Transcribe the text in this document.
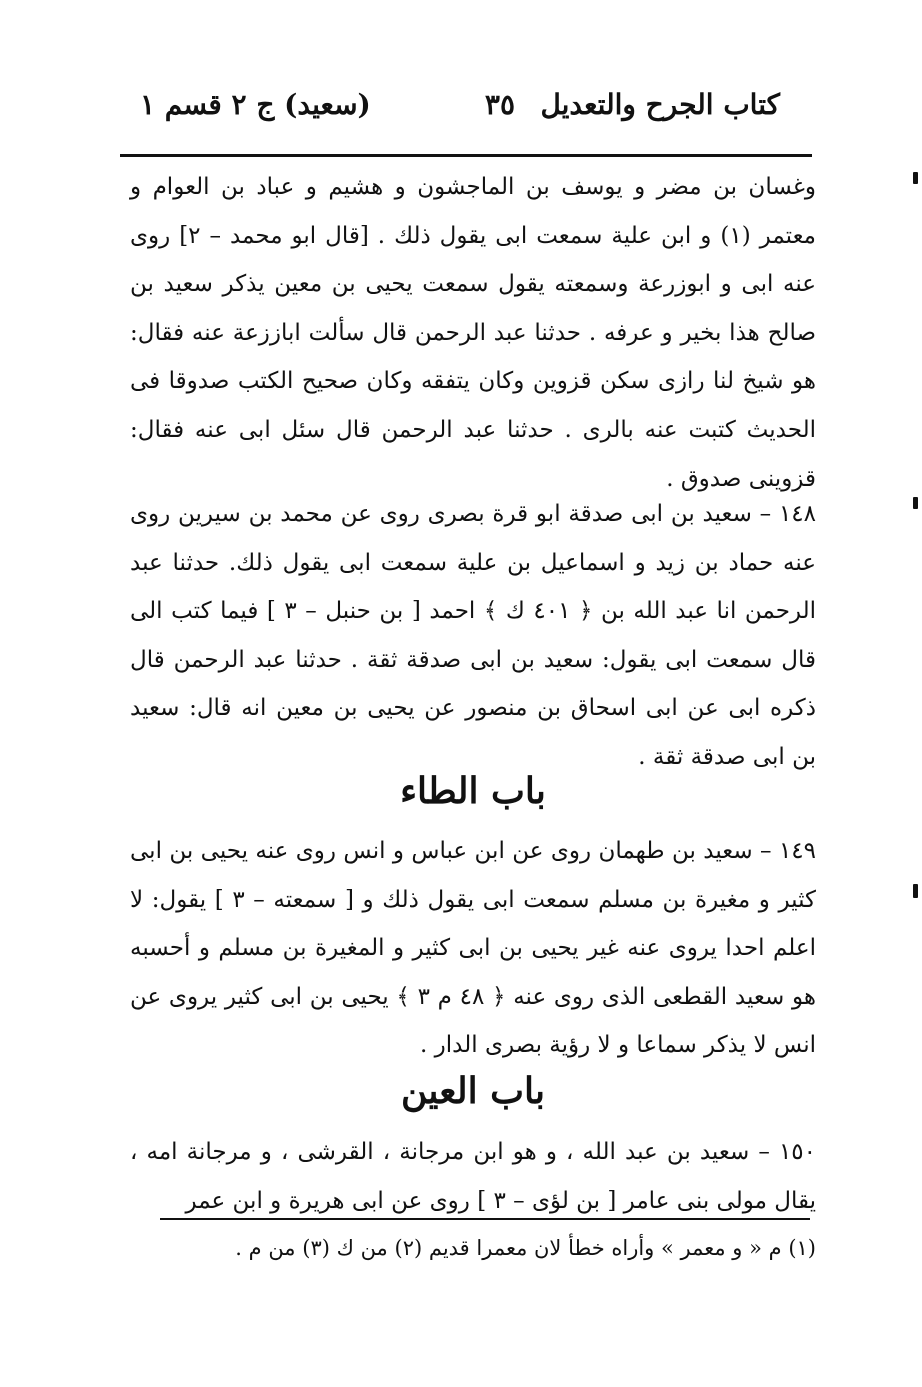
كتاب الجرح والتعديل
٣٥
(سعيد) ج ٢ قسم ١

وغسان بن مضر و يوسف بن الماجشون و هشيم و عباد بن العوام و معتمر (١) و ابن علية سمعت ابى يقول ذلك . [قال ابو محمد – ٢] روى عنه ابى و ابوزرعة وسمعته يقول سمعت يحيى بن معين يذكر سعيد بن صالح هذا بخير و عرفه . حدثنا عبد الرحمن قال سألت اباززعة عنه فقال: هو شيخ لنا رازى سكن قزوين وكان يتفقه وكان صحيح الكتب صدوقا فى الحديث كتبت عنه بالرى . حدثنا عبد الرحمن قال سئل ابى عنه فقال: قزوينى صدوق .

١٤٨ – سعيد بن ابى صدقة ابو قرة بصرى روى عن محمد بن سيرين روى عنه حماد بن زيد و اسماعيل بن علية سمعت ابى يقول ذلك. حدثنا عبد الرحمن انا عبد الله بن ﴿ ٤٠١ ك ﴾ احمد [ بن حنبل – ٣ ] فيما كتب الى قال سمعت ابى يقول: سعيد بن ابى صدقة ثقة . حدثنا عبد الرحمن قال ذكره ابى عن ابى اسحاق بن منصور عن يحيى بن معين انه قال: سعيد بن ابى صدقة ثقة .

باب الطاء

١٤٩ – سعيد بن طهمان روى عن ابن عباس و انس روى عنه يحيى بن ابى كثير و مغيرة بن مسلم سمعت ابى يقول ذلك و [ سمعته – ٣ ] يقول: لا اعلم احدا يروى عنه غير يحيى بن ابى كثير و المغيرة بن مسلم و أحسبه هو سعيد القطعى الذى روى عنه ﴿ ٤٨ م ٣ ﴾ يحيى بن ابى كثير يروى عن انس لا يذكر سماعا و لا رؤية بصرى الدار .

باب العين

١٥٠ – سعيد بن عبد الله ، و هو ابن مرجانة ، القرشى ، و مرجانة امه ، يقال مولى بنى عامر [ بن لؤى – ٣ ] روى عن ابى هريرة و ابن عمر

(١) م « و معمر » وأراه خطأ لان معمرا قديم (٢) من ك (٣) من م .
